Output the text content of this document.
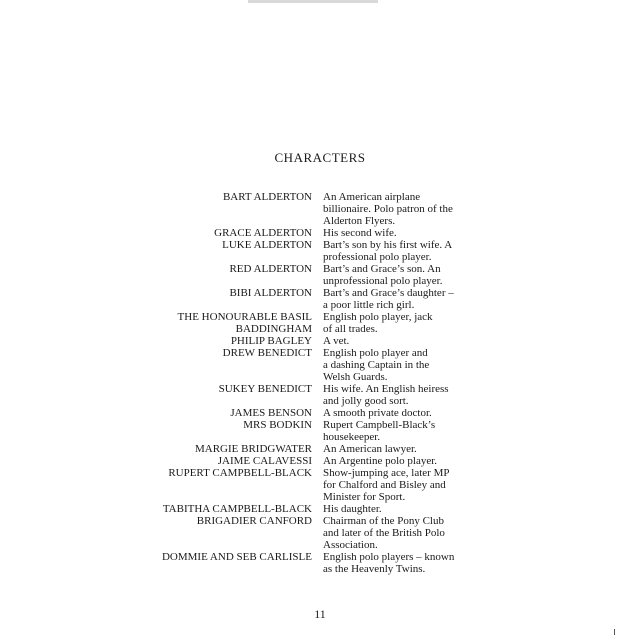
CHARACTERS
BART ALDERTON An American airplane
billionaire. Polo patron of the
Alderton Flyers.
GRACE ALDERTON His second wife.
LUKE ALDERTON Bart’s son by his first wife. A
professional polo player.
RED ALDERTON Bart’s and Grace’s son. An
unprofessional polo player.
BIBI ALDERTON Bart’s and Grace’s daughter –
a poor little rich girl.
THE HONOURABLE BASIL
BADDINGHAM
English polo player, jack
of all trades.
PHILIP BAGLEY A vet.
DREW BENEDICT English polo player and
a dashing Captain in the
Welsh Guards.
SUKEY BENEDICT His wife. An English heiress
and jolly good sort.
JAMES BENSON A smooth private doctor.
MRS BODKIN Rupert Campbell-Black’s
housekeeper.
MARGIE BRIDGWATER An American lawyer.
JAIME CALAVESSI An Argentine polo player.
RUPERT CAMPBELL-BLACK Show-jumping ace, later MP
for Chalford and Bisley and
Minister for Sport.
TABITHA CAMPBELL-BLACK His daughter.
BRIGADIER CANFORD Chairman of the Pony Club
and later of the British Polo
Association.
DOMMIE AND SEB CARLISLE English polo players – known
as the Heavenly Twins.
11
